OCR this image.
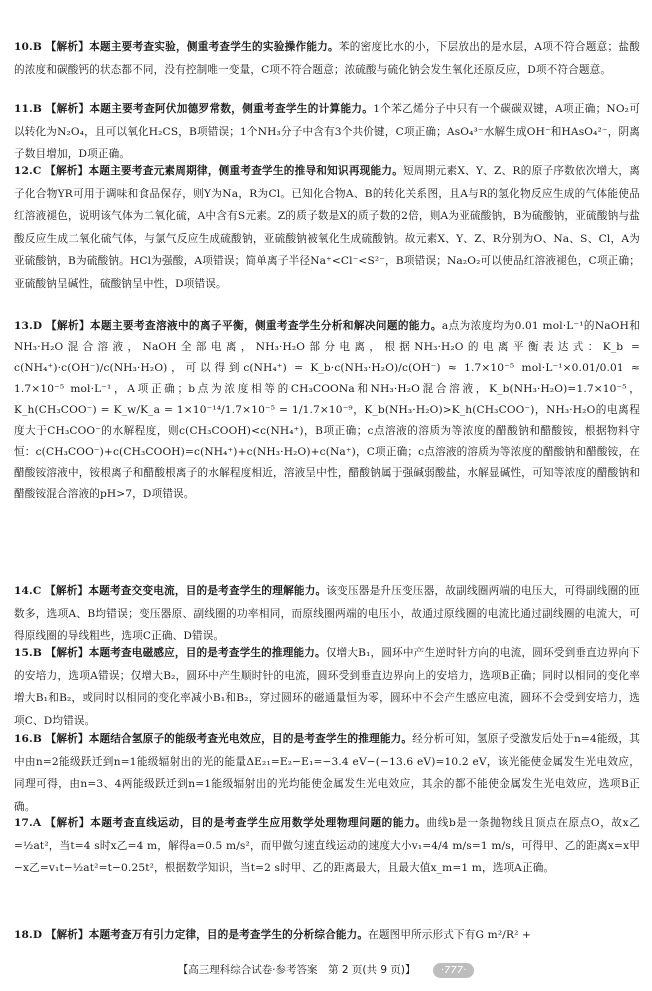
10.B 【解析】本题主要考查实验，侧重考查学生的实验操作能力。苯的密度比水的小，下层放出的是水层，A项不符合题意；盐酸的浓度和碳酸钙的状态都不同，没有控制唯一变量，C项不符合题意；浓硫酸与硫化钠会发生氧化还原反应，D项不符合题意。
11.B 【解析】本题主要考查阿伏加德罗常数，侧重考查学生的计算能力。1个苯乙烯分子中只有一个碳碳双键，A项正确；NO₂可以转化为N₂O₄，且可以氧化H₂CS，B项错误；1个NH₃分子中含有3个共价键，C项正确；AsO₄³⁻水解生成OH⁻和HAsO₄²⁻，阴离子数目增加，D项正确。
12.C 【解析】本题主要考查元素周期律，侧重考查学生的推导和知识再现能力。短周期元素X、Y、Z、R的原子序数依次增大，离子化合物YR可用于调味和食品保存，则Y为Na，R为Cl。已知化合物A、B的转化关系图，且A与R的氢化物反应生成的气体能使品红溶液褪色，说明该气体为二氧化硫，A中含有S元素。Z的质子数是X的质子数的2倍，则A为亚硫酸钠，B为硫酸钠，亚硫酸钠与盐酸反应生成二氧化硫气体，与氯气反应生成硫酸钠，亚硫酸钠被氧化生成硫酸钠。故元素X、Y、Z、R分别为O、Na、S、Cl，A为亚硫酸钠，B为硫酸钠。HCl为强酸，A项错误；简单离子半径Na⁺<Cl⁻<S²⁻，B项错误；Na₂O₂可以使品红溶液褪色，C项正确；亚硫酸钠呈碱性，硫酸钠呈中性，D项错误。
13.D 【解析】本题主要考查溶液中的离子平衡，侧重考查学生分析和解决问题的能力。a点为浓度均为0.01 mol·L⁻¹的NaOH和NH₃·H₂O混合溶液，NaOH全部电离，NH₃·H₂O部分电离，根据NH₃·H₂O的电离平衡表达式：K_b = c(NH₄⁺)·c(OH⁻)/c(NH₃·H₂O)，可以得到c(NH₄⁺) = K_b·c(NH₃·H₂O)/c(OH⁻) ≈ 1.7×10⁻⁵ mol·L⁻¹×0.01/0.01 ≈ 1.7×10⁻⁵ mol·L⁻¹，A项正确；b点为浓度相等的CH₃COONa和NH₃·H₂O混合溶液，K_b(NH₃·H₂O)=1.7×10⁻⁵，K_h(CH₃COO⁻) = K_w/K_a = 1×10⁻¹⁴/1.7×10⁻⁵ = 1/1.7×10⁻⁹，K_b(NH₃·H₂O)>K_h(CH₃COO⁻)，NH₃·H₂O的电离程度大于CH₃COO⁻的水解程度，则c(CH₃COOH)<c(NH₄⁺)，B项正确；c点溶液的溶质为等浓度的醋酸钠和醋酸铵，根据物料守恒：c(CH₃COO⁻)+c(CH₃COOH)=c(NH₄⁺)+c(NH₃·H₂O)+c(Na⁺)，C项正确；c点溶液的溶质为等浓度的醋酸钠和醋酸铵，在醋酸铵溶液中，铵根离子和醋酸根离子的水解程度相近，溶液呈中性，醋酸钠属于强碱弱酸盐，水解显碱性，可知等浓度的醋酸钠和醋酸铵混合溶液的pH>7，D项错误。
14.C 【解析】本题考查交变电流，目的是考查学生的理解能力。该变压器是升压变压器，故副线圈两端的电压大，可得副线圈的匝数多，选项A、B均错误；变压器原、副线圈的功率相同，而原线圈两端的电压小，故通过原线圈的电流比通过副线圈的电流大，可得原线圈的导线粗些，选项C正确、D错误。
15.B 【解析】本题考查电磁感应，目的是考查学生的推理能力。仅增大B₁，圆环中产生逆时针方向的电流，圆环受到垂直边界向下的安培力，选项A错误；仅增大B₂，圆环中产生顺时针的电流，圆环受到垂直边界向上的安培力，选项B正确；同时以相同的变化率增大B₁和B₂，或同时以相同的变化率减小B₁和B₂，穿过圆环的磁通量恒为零，圆环中不会产生感应电流，圆环不会受到安培力，选项C、D均错误。
16.B 【解析】本题结合氢原子的能级考查光电效应，目的是考查学生的推理能力。经分析可知，氢原子受激发后处于n=4能级，其中由n=2能级跃迁到n=1能级辐射出的光的能量ΔE₂₁=E₂−E₁=−3.4 eV−(−13.6 eV)=10.2 eV，该光能使金属发生光电效应，同理可得，由n=3、4两能级跃迁到n=1能级辐射出的光均能使金属发生光电效应，其余的都不能使金属发生光电效应，选项B正确。
17.A 【解析】本题考查直线运动，目的是考查学生应用数学处理物理问题的能力。曲线b是一条抛物线且顶点在原点O，故x乙=½at²，当t=4 s时x乙=4 m，解得a=0.5 m/s²，而甲做匀速直线运动的速度大小v₁=4/4 m/s=1 m/s，可得甲、乙的距离x=x甲−x乙=v₁t−½at²=t−0.25t²，根据数学知识，当t=2 s时甲、乙的距离最大，且最大值x_m=1 m，选项A正确。
18.D 【解析】本题考查万有引力定律，目的是考查学生的分析综合能力。在题图甲所示形式下有G m²/R² +
【高三理科综合试卷·参考答案　第 2 页(共 9 页)】	·777·
